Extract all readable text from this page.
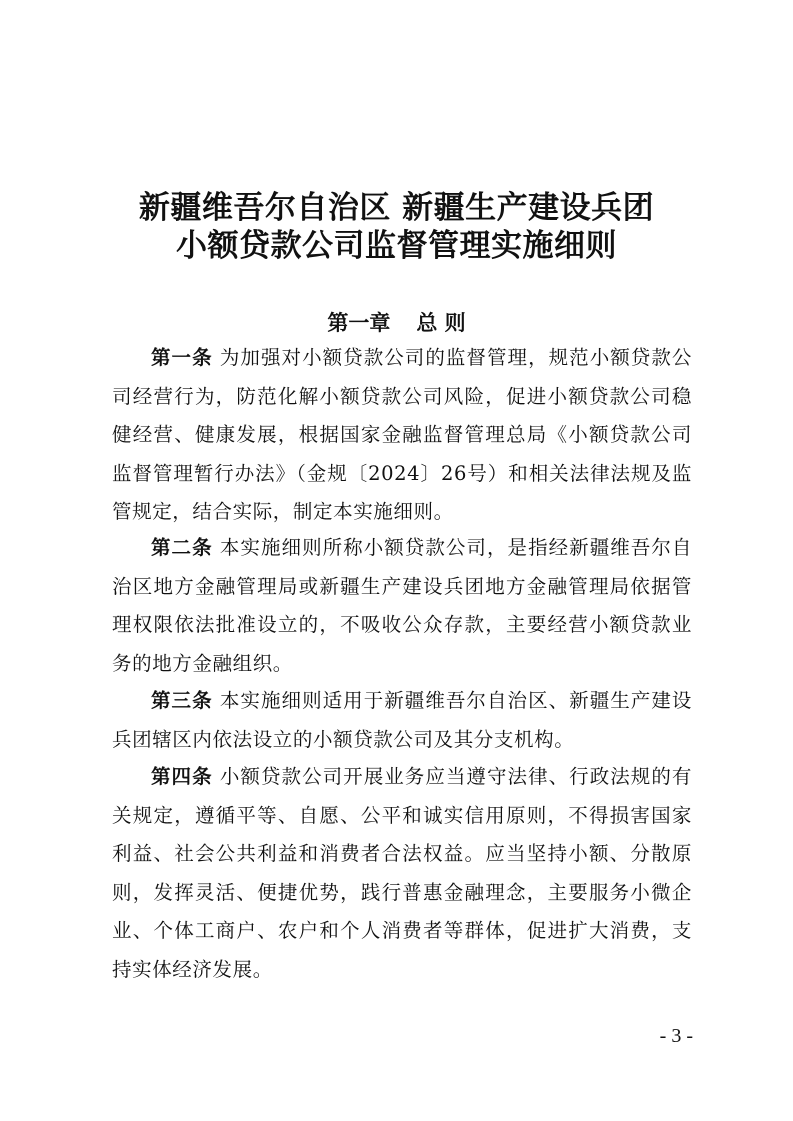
新疆维吾尔自治区 新疆生产建设兵团
小额贷款公司监督管理实施细则
第一章 总 则

第一条 为加强对小额贷款公司的监督管理，规范小额贷款公司经营行为，防范化解小额贷款公司风险，促进小额贷款公司稳健经营、健康发展，根据国家金融监督管理总局《小额贷款公司监督管理暂行办法》（金规〔2024〕26号）和相关法律法规及监管规定，结合实际，制定本实施细则。

第二条 本实施细则所称小额贷款公司，是指经新疆维吾尔自治区地方金融管理局或新疆生产建设兵团地方金融管理局依据管理权限依法批准设立的，不吸收公众存款，主要经营小额贷款业务的地方金融组织。

第三条 本实施细则适用于新疆维吾尔自治区、新疆生产建设兵团辖区内依法设立的小额贷款公司及其分支机构。

第四条 小额贷款公司开展业务应当遵守法律、行政法规的有关规定，遵循平等、自愿、公平和诚实信用原则，不得损害国家利益、社会公共利益和消费者合法权益。应当坚持小额、分散原则，发挥灵活、便捷优势，践行普惠金融理念，主要服务小微企业、个体工商户、农户和个人消费者等群体，促进扩大消费，支持实体经济发展。

- 3 -
